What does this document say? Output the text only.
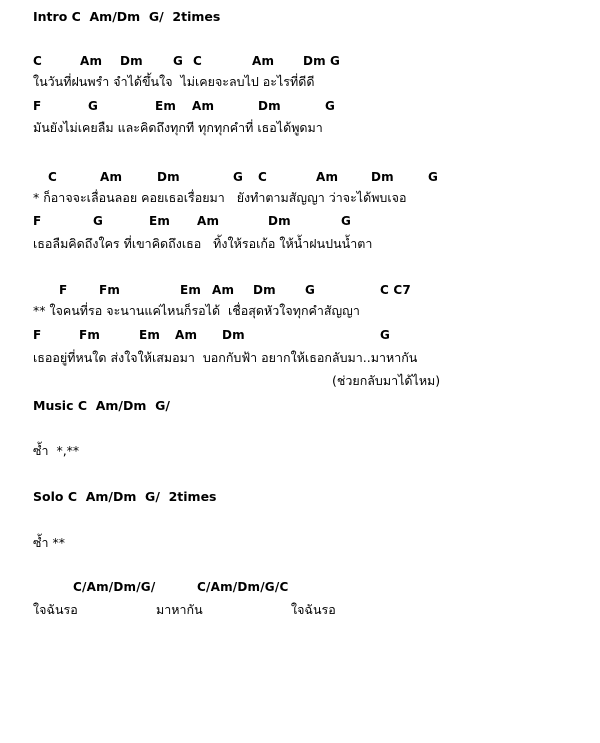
Intro C  Am/Dm  G/  2times
C	Am Dm	G C	Am Dm G
ในวันที่ฝนพรำ จำได้ขึ้นใจ  ไม่เคยจะลบไป อะไรที่ดีดี
F	G	Em Am	Dm	G
มันยังไม่เคยลืม และคิดถึงทุกที ทุกทุกคำที่ เธอได้พูดมา
C	Am	Dm	G C	Am	Dm	G
* ก็อาจจะเลื่อนลอย คอยเธอเรื่อยมา   ยังทำตามสัญญา ว่าจะได้พบเจอ
F	G	Em Am	Dm	G
เธอลืมคิดถึงใคร ที่เขาคิดถึงเธอ   ทิ้งให้รอเก้อ ให้น้ำฝนปนน้ำตา
F	Fm	Em Am Dm G	C C7
** ใจคนที่รอ จะนานแค่ไหนก็รอได้  เชื่อสุดหัวใจทุกคำสัญญา
F	Fm	Em Am Dm	G
เธออยู่ที่หนใด ส่งใจให้เสมอมา  บอกกับฟ้า อยากให้เธอกลับมา..มาหากัน
(ช่วยกลับมาได้ไหม)
Music C  Am/Dm  G/
ซ้ำ  *,**
Solo C  Am/Dm  G/  2times
ซ้ำ **
C/Am/Dm/G/	C/Am/Dm/G/C
ใจฉันรอ	มาหากัน	ใจฉันรอ
